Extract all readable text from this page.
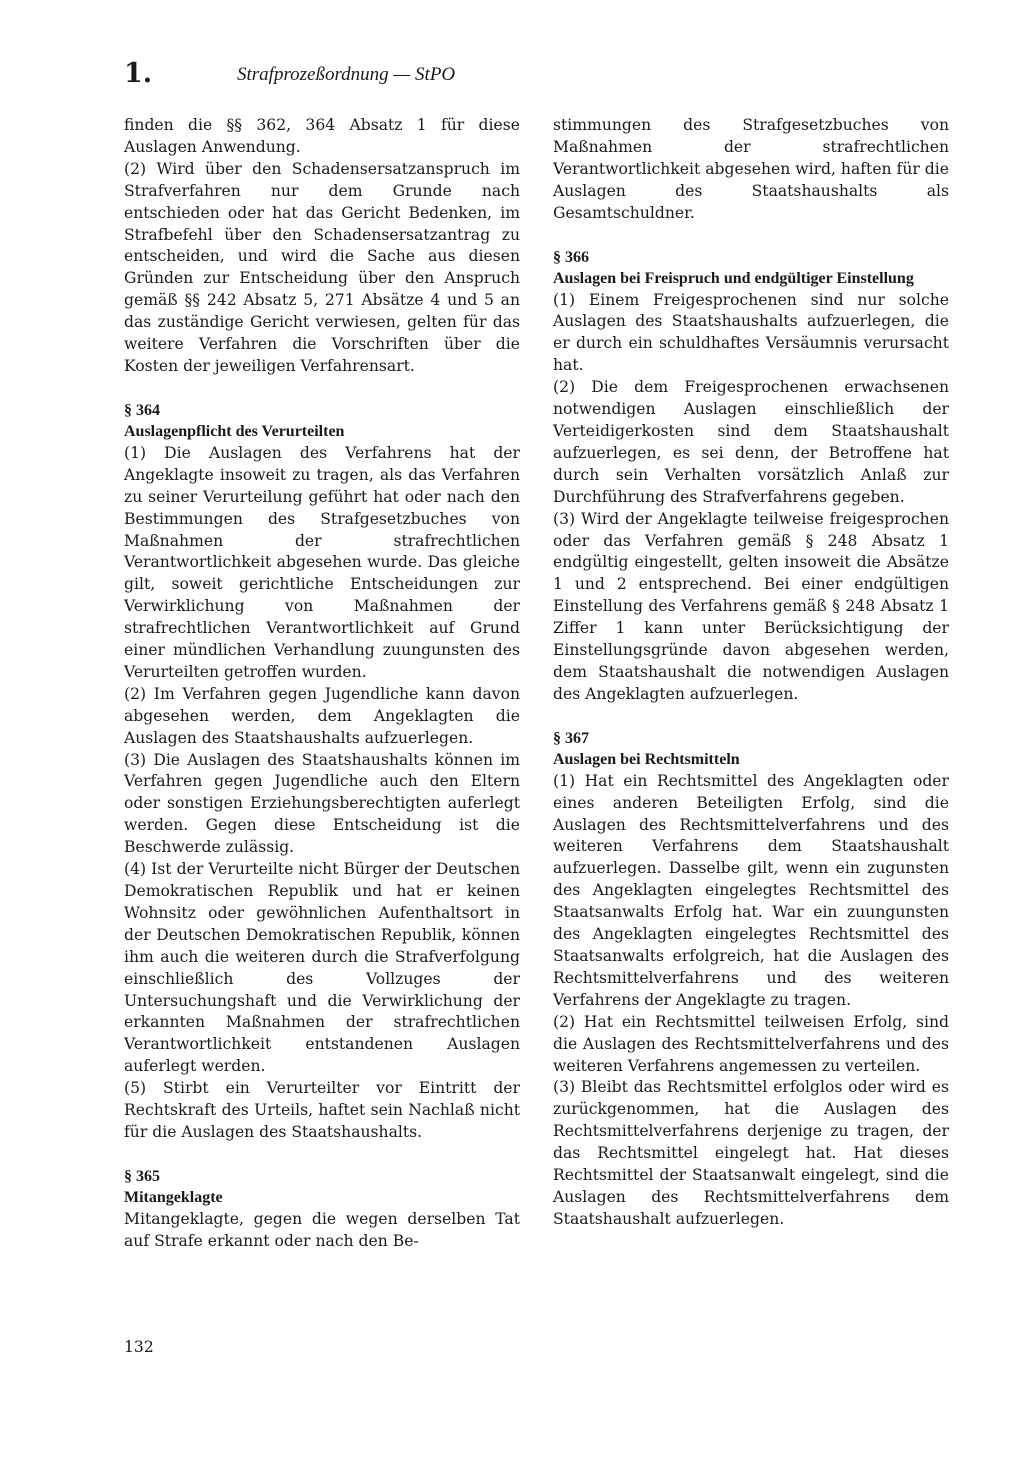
1.	Strafprozeßordnung — StPO

finden die §§ 362, 364 Absatz 1 für diese Auslagen Anwendung.

(2) Wird über den Schadensersatzanspruch im Strafverfahren nur dem Grunde nach entschieden oder hat das Gericht Bedenken, im Strafbefehl über den Schadensersatzantrag zu entscheiden, und wird die Sache aus diesen Gründen zur Entscheidung über den Anspruch gemäß §§ 242 Absatz 5, 271 Absätze 4 und 5 an das zuständige Gericht verwiesen, gelten für das weitere Verfahren die Vorschriften über die Kosten der jeweiligen Verfahrensart.

§ 364
Auslagenpflicht des Verurteilten

(1) Die Auslagen des Verfahrens hat der Angeklagte insoweit zu tragen, als das Verfahren zu seiner Verurteilung geführt hat oder nach den Bestimmungen des Strafgesetzbuches von Maßnahmen der strafrechtlichen Verantwortlichkeit abgesehen wurde. Das gleiche gilt, soweit gerichtliche Entscheidungen zur Verwirklichung von Maßnahmen der strafrechtlichen Verantwortlichkeit auf Grund einer mündlichen Verhandlung zuungunsten des Verurteilten getroffen wurden.

(2) Im Verfahren gegen Jugendliche kann davon abgesehen werden, dem Angeklagten die Auslagen des Staatshaushalts aufzuerlegen.

(3) Die Auslagen des Staatshaushalts können im Verfahren gegen Jugendliche auch den Eltern oder sonstigen Erziehungsberechtigten auferlegt werden. Gegen diese Entscheidung ist die Beschwerde zulässig.

(4) Ist der Verurteilte nicht Bürger der Deutschen Demokratischen Republik und hat er keinen Wohnsitz oder gewöhnlichen Aufenthaltsort in der Deutschen Demokratischen Republik, können ihm auch die weiteren durch die Strafverfolgung einschließlich des Vollzuges der Untersuchungshaft und die Verwirklichung der erkannten Maßnahmen der strafrechtlichen Verantwortlichkeit entstandenen Auslagen auferlegt werden.

(5) Stirbt ein Verurteilter vor Eintritt der Rechtskraft des Urteils, haftet sein Nachlaß nicht für die Auslagen des Staatshaushalts.

§ 365
Mitangeklagte

Mitangeklagte, gegen die wegen derselben Tat auf Strafe erkannt oder nach den Be-

stimmungen des Strafgesetzbuches von Maßnahmen der strafrechtlichen Verantwortlichkeit abgesehen wird, haften für die Auslagen des Staatshaushalts als Gesamtschuldner.

§ 366
Auslagen bei Freispruch und endgültiger Einstellung

(1) Einem Freigesprochenen sind nur solche Auslagen des Staatshaushalts aufzuerlegen, die er durch ein schuldhaftes Versäumnis verursacht hat.

(2) Die dem Freigesprochenen erwachsenen notwendigen Auslagen einschließlich der Verteidigerkosten sind dem Staatshaushalt aufzuerlegen, es sei denn, der Betroffene hat durch sein Verhalten vorsätzlich Anlaß zur Durchführung des Strafverfahrens gegeben.

(3) Wird der Angeklagte teilweise freigesprochen oder das Verfahren gemäß § 248 Absatz 1 endgültig eingestellt, gelten insoweit die Absätze 1 und 2 entsprechend. Bei einer endgültigen Einstellung des Verfahrens gemäß § 248 Absatz 1 Ziffer 1 kann unter Berücksichtigung der Einstellungsgründe davon abgesehen werden, dem Staatshaushalt die notwendigen Auslagen des Angeklagten aufzuerlegen.

§ 367
Auslagen bei Rechtsmitteln

(1) Hat ein Rechtsmittel des Angeklagten oder eines anderen Beteiligten Erfolg, sind die Auslagen des Rechtsmittelverfahrens und des weiteren Verfahrens dem Staatshaushalt aufzuerlegen. Dasselbe gilt, wenn ein zugunsten des Angeklagten eingelegtes Rechtsmittel des Staatsanwalts Erfolg hat. War ein zuungunsten des Angeklagten eingelegtes Rechtsmittel des Staatsanwalts erfolgreich, hat die Auslagen des Rechtsmittelverfahrens und des weiteren Verfahrens der Angeklagte zu tragen.

(2) Hat ein Rechtsmittel teilweisen Erfolg, sind die Auslagen des Rechtsmittelverfahrens und des weiteren Verfahrens angemessen zu verteilen.

(3) Bleibt das Rechtsmittel erfolglos oder wird es zurückgenommen, hat die Auslagen des Rechtsmittelverfahrens derjenige zu tragen, der das Rechtsmittel eingelegt hat. Hat dieses Rechtsmittel der Staatsanwalt eingelegt, sind die Auslagen des Rechtsmittelverfahrens dem Staatshaushalt aufzuerlegen.

132
